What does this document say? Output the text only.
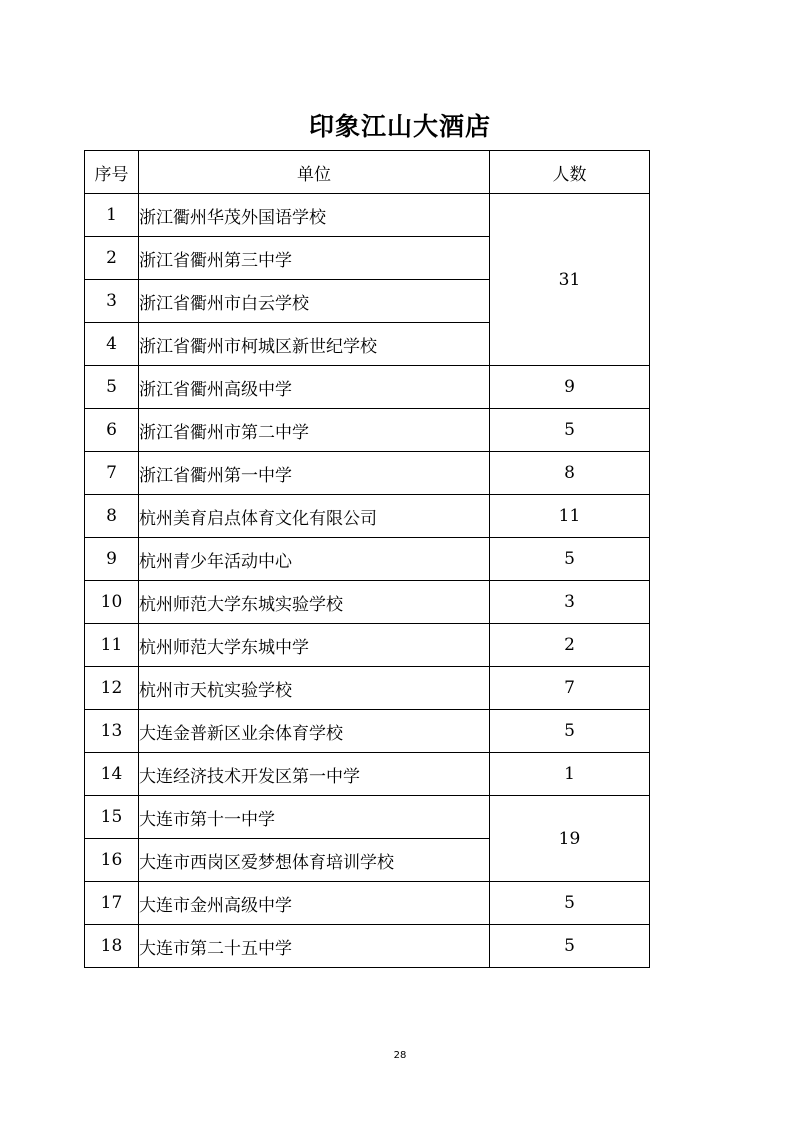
印象江山大酒店
序号	单位	人数
1	浙江衢州华茂外国语学校	31
2	浙江省衢州第三中学	
3	浙江省衢州市白云学校	
4	浙江省衢州市柯城区新世纪学校	
5	浙江省衢州高级中学	9
6	浙江省衢州市第二中学	5
7	浙江省衢州第一中学	8
8	杭州美育启点体育文化有限公司	11
9	杭州青少年活动中心	5
10	杭州师范大学东城实验学校	3
11	杭州师范大学东城中学	2
12	杭州市天杭实验学校	7
13	大连金普新区业余体育学校	5
14	大连经济技术开发区第一中学	1
15	大连市第十一中学	19
16	大连市西岗区爱梦想体育培训学校	
17	大连市金州高级中学	5
18	大连市第二十五中学	5
28
